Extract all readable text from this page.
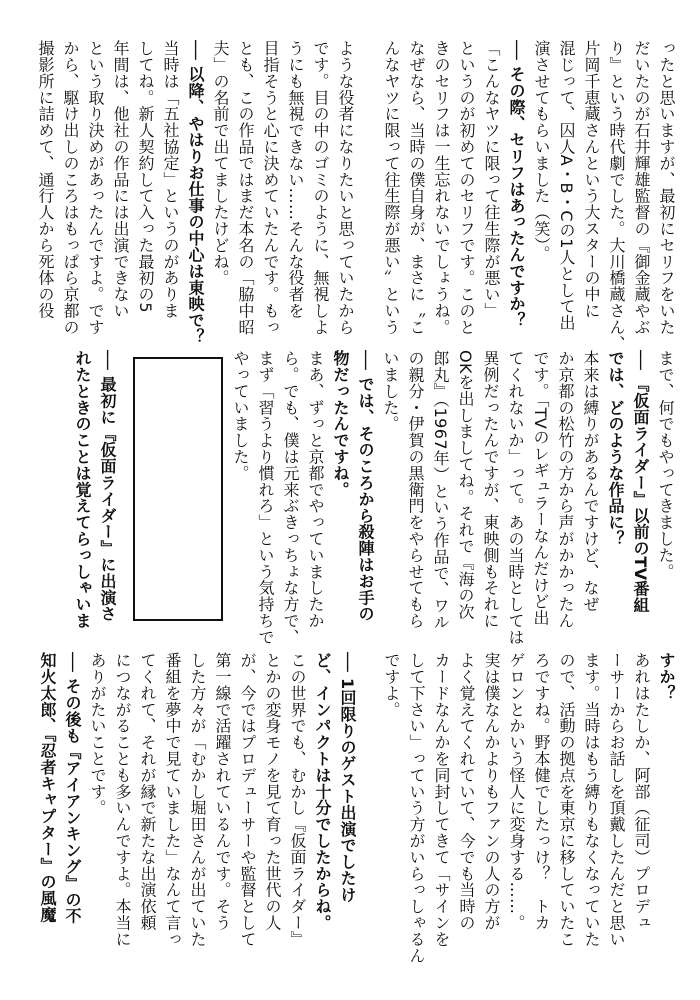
ったと思いますが、最初にセリフをいた
だいたのが石井輝雄監督の『御金蔵やぶ
り』という時代劇でした。大川橋蔵さん、
片岡千恵蔵さんという大スターの中に
混じって、囚人A・B・Cの1人として出
演させてもらいました（笑）。
── その際、セリフはあったんですか？
「こんなヤツに限って往生際が悪い」
というのが初めてのセリフです。このと
きのセリフは一生忘れないでしょうね。
なぜなら、当時の僕自身が、まさに〝こ
んなヤツに限って往生際が悪い〟という
ような役者になりたいと思っていたから
です。目の中のゴミのように、無視しよ
うにも無視できない……そんな役者を
目指そうと心に決めていたんです。もっ
とも、この作品ではまだ本名の「脇中昭
夫」の名前で出てましたけどね。
── 以降、やはりお仕事の中心は東映で？
当時は「五社協定」というのがありま
してね。新人契約して入った最初の5
年間は、他社の作品には出演できない
という取り決めがあったんですよ。です
から、駆け出しのころはもっぱら京都の
撮影所に詰めて、通行人から死体の役
まで、何でもやってきました。
── 『仮面ライダー』以前のTV番組
では、どのような作品に？
本来は縛りがあるんですけど、なぜ
か京都の松竹の方から声がかかったん
です。「TVのレギュラーなんだけど出
てくれないか」って。あの当時としては
異例だったんですが、東映側もそれに
OKを出しましてね。それで『海の次
郎丸』（1967年）という作品で、ワル
の親分・伊賀の黒衛門をやらせてもら
いました。
── では、そのころから殺陣はお手の
物だったんですね。
まあ、ずっと京都でやっていましたか
ら。でも、僕は元来ぶきっちょな方で、
まず「習うより慣れろ」という気持ちで
やっていました。
── 最初に『仮面ライダー』に出演さ
れたときのことは覚えてらっしゃいま
すか？
あれはたしか、阿部（征司）プロデュ
ーサーからお話しを頂戴したんだと思い
ます。当時はもう縛りもなくなっていた
ので、活動の拠点を東京に移していたこ
ろですね。野本健でしたっけ？　トカ
ゲロンとかいう怪人に変身する……。
実は僕なんかよりもファンの人の方が
よく覚えてくれていて、今でも当時の
カードなんかを同封してきて「サインを
して下さい」っていう方がいらっしゃるん
ですよ。
── 1回限りのゲスト出演でしたけ
ど、インパクトは十分でしたからね。
この世界でも、むかし『仮面ライダー』
とかの変身モノを見て育った世代の人
が、今ではプロデューサーや監督として
第一線で活躍されているんです。そう
した方々が「むかし堀田さんが出ていた
番組を夢中で見ていました」なんて言っ
てくれて、それが縁で新たな出演依頼
につながることも多いんですよ。本当に
ありがたいことです。
── その後も『アイアンキング』の不
知火太郎、『忍者キャプター』の風魔
